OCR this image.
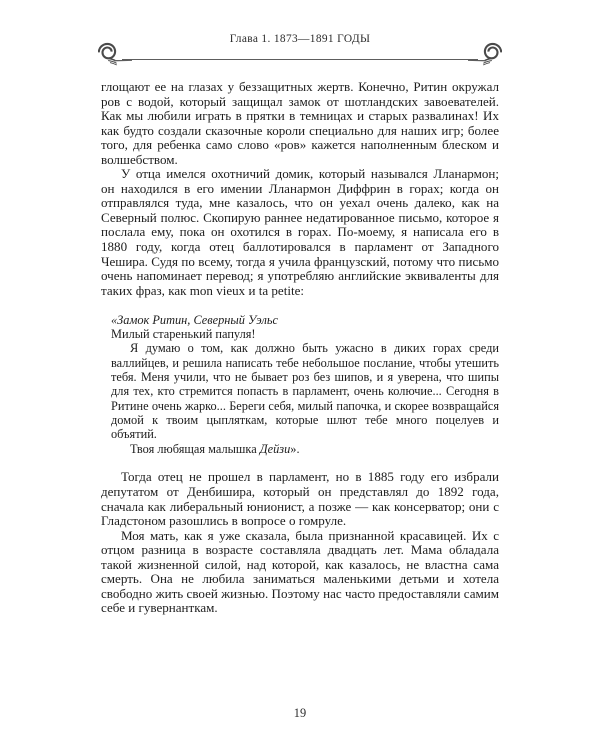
Глава 1. 1873—1891 ГОДЫ

глощают ее на глазах у беззащитных жертв. Конечно, Ритин окружал ров с водой, который защищал замок от шотландских завоевателей. Как мы любили играть в прятки в темницах и старых развалинах! Их как будто создали сказочные короли специально для наших игр; более того, для ребенка само слово «ров» кажется наполненным блеском и волшебством.

У отца имелся охотничий домик, который назывался Лланармон; он находился в его имении Лланармон Диффрин в горах; когда он отправлялся туда, мне казалось, что он уехал очень далеко, как на Северный полюс. Скопирую раннее недатированное письмо, которое я послала ему, пока он охотился в горах. По-моему, я написала его в 1880 году, когда отец баллотировался в парламент от Западного Чешира. Судя по всему, тогда я учила французский, потому что письмо очень напоминает перевод; я употребляю английские эквиваленты для таких фраз, как mon vieux и ta petite:

«Замок Ритин, Северный Уэльс

Милый старенький папуля!

Я думаю о том, как должно быть ужасно в диких горах среди валлийцев, и решила написать тебе небольшое послание, чтобы утешить тебя. Меня учили, что не бывает роз без шипов, и я уверена, что шипы для тех, кто стремится попасть в парламент, очень колючие... Сегодня в Ритине очень жарко... Береги себя, милый папочка, и скорее возвращайся домой к твоим цыпляткам, которые шлют тебе много поцелуев и объятий.

Твоя любящая малышка Дейзи».

Тогда отец не прошел в парламент, но в 1885 году его избрали депутатом от Денбишира, который он представлял до 1892 года, сначала как либеральный юнионист, а позже — как консерватор; они с Гладстоном разошлись в вопросе о гомруле.

Моя мать, как я уже сказала, была признанной красавицей. Их с отцом разница в возрасте составляла двадцать лет. Мама обладала такой жизненной силой, над которой, как казалось, не властна сама смерть. Она не любила заниматься маленькими детьми и хотела свободно жить своей жизнью. Поэтому нас часто предоставляли самим себе и гувернанткам.

19
